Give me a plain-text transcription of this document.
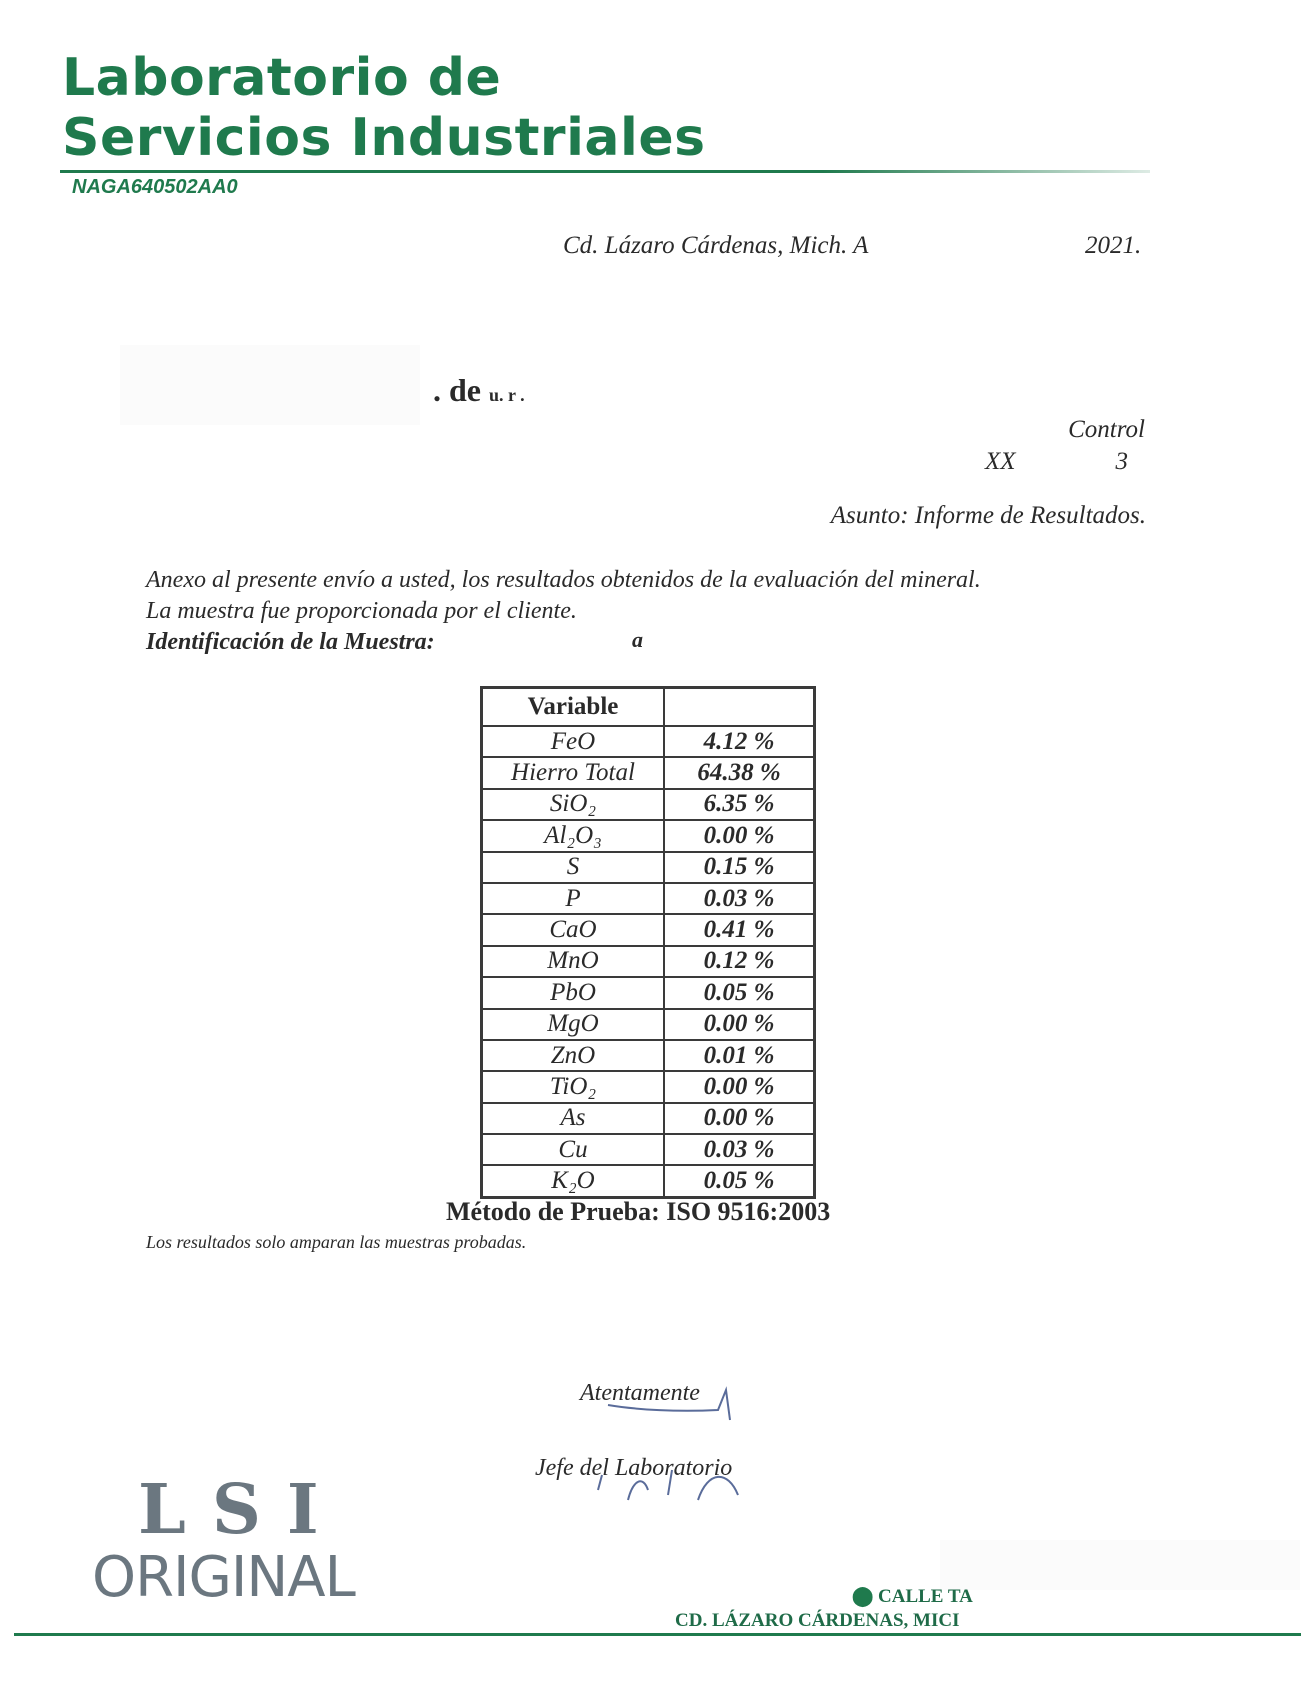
Laboratorio de
Servicios Industriales
NAGA640502AA0
Cd. Lázaro Cárdenas, Mich. A	2021.
. de u. r .
Control
XX                3
Asunto: Informe de Resultados.
Anexo al presente envío a usted, los resultados obtenidos de la evaluación del mineral.
La muestra fue proporcionada por el cliente.
Identificación de la Muestra:	a
Variable	
FeO	4.12 %
Hierro Total	64.38 %
SiO₂	6.35 %
Al₂O₃	0.00 %
S	0.15 %
P	0.03 %
CaO	0.41 %
MnO	0.12 %
PbO	0.05 %
MgO	0.00 %
ZnO	0.01 %
TiO₂	0.00 %
As	0.00 %
Cu	0.03 %
K₂O	0.05 %
Método de Prueba: ISO 9516:2003
Los resultados solo amparan las muestras probadas.
Atentamente
Jefe del Laboratorio
LSI
ORIGINAL	⬤ CALLE TA
CD. LÁZARO CÁRDENAS, MICI
